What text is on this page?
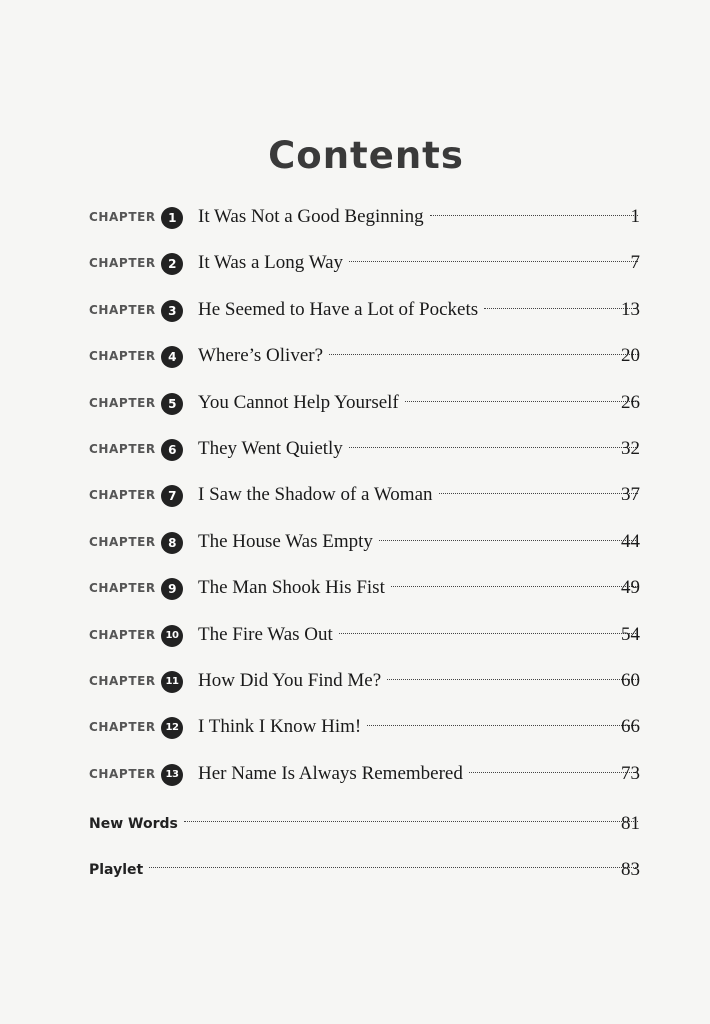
Contents
CHAPTER	1	It Was Not a Good Beginning	1
CHAPTER	2	It Was a Long Way	7
CHAPTER	3	He Seemed to Have a Lot of Pockets	13
CHAPTER	4	Where’s Oliver?	20
CHAPTER	5	You Cannot Help Yourself	26
CHAPTER	6	They Went Quietly	32
CHAPTER	7	I Saw the Shadow of a Woman	37
CHAPTER	8	The House Was Empty	44
CHAPTER	9	The Man Shook His Fist	49
CHAPTER 10 The Fire Was Out	54
CHAPTER 11 How Did You Find Me?	60
CHAPTER 12 I Think I Know Him!	66
CHAPTER 13 Her Name Is Always Remembered	73
New Words	81
Playlet	83
